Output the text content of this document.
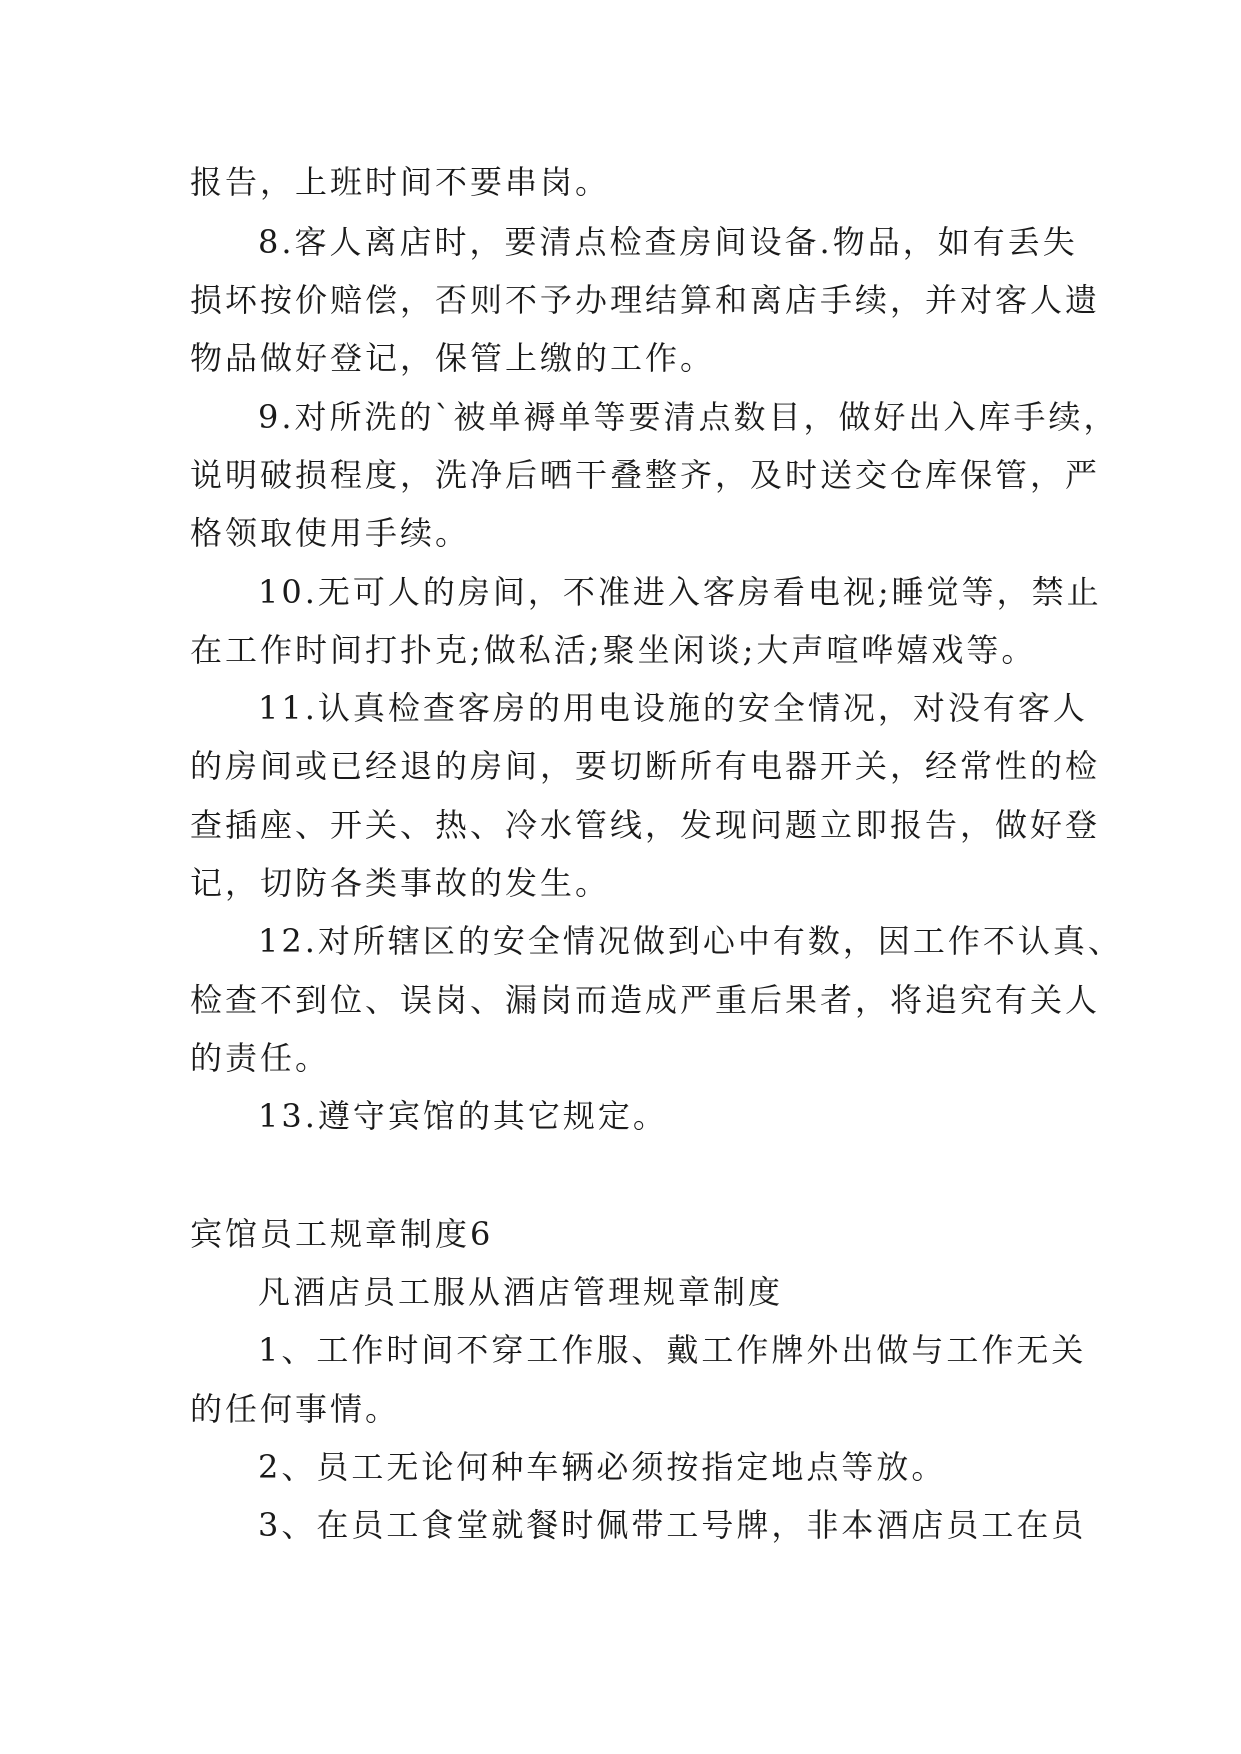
报告，上班时间不要串岗。
8.客人离店时，要清点检查房间设备.物品，如有丢失
损坏按价赔偿，否则不予办理结算和离店手续，并对客人遗
物品做好登记，保管上缴的工作。
9.对所洗的`被单褥单等要清点数目，做好出入库手续，
说明破损程度，洗净后晒干叠整齐，及时送交仓库保管，严
格领取使用手续。
10.无可人的房间，不准进入客房看电视;睡觉等，禁止
在工作时间打扑克;做私活;聚坐闲谈;大声喧哗嬉戏等。
11.认真检查客房的用电设施的安全情况，对没有客人
的房间或已经退的房间，要切断所有电器开关，经常性的检
查插座、开关、热、冷水管线，发现问题立即报告，做好登
记，切防各类事故的发生。
12.对所辖区的安全情况做到心中有数，因工作不认真、
检查不到位、误岗、漏岗而造成严重后果者，将追究有关人
的责任。
13.遵守宾馆的其它规定。
宾馆员工规章制度6
凡酒店员工服从酒店管理规章制度
1、工作时间不穿工作服、戴工作牌外出做与工作无关
的任何事情。
2、员工无论何种车辆必须按指定地点等放。
3、在员工食堂就餐时佩带工号牌，非本酒店员工在员
